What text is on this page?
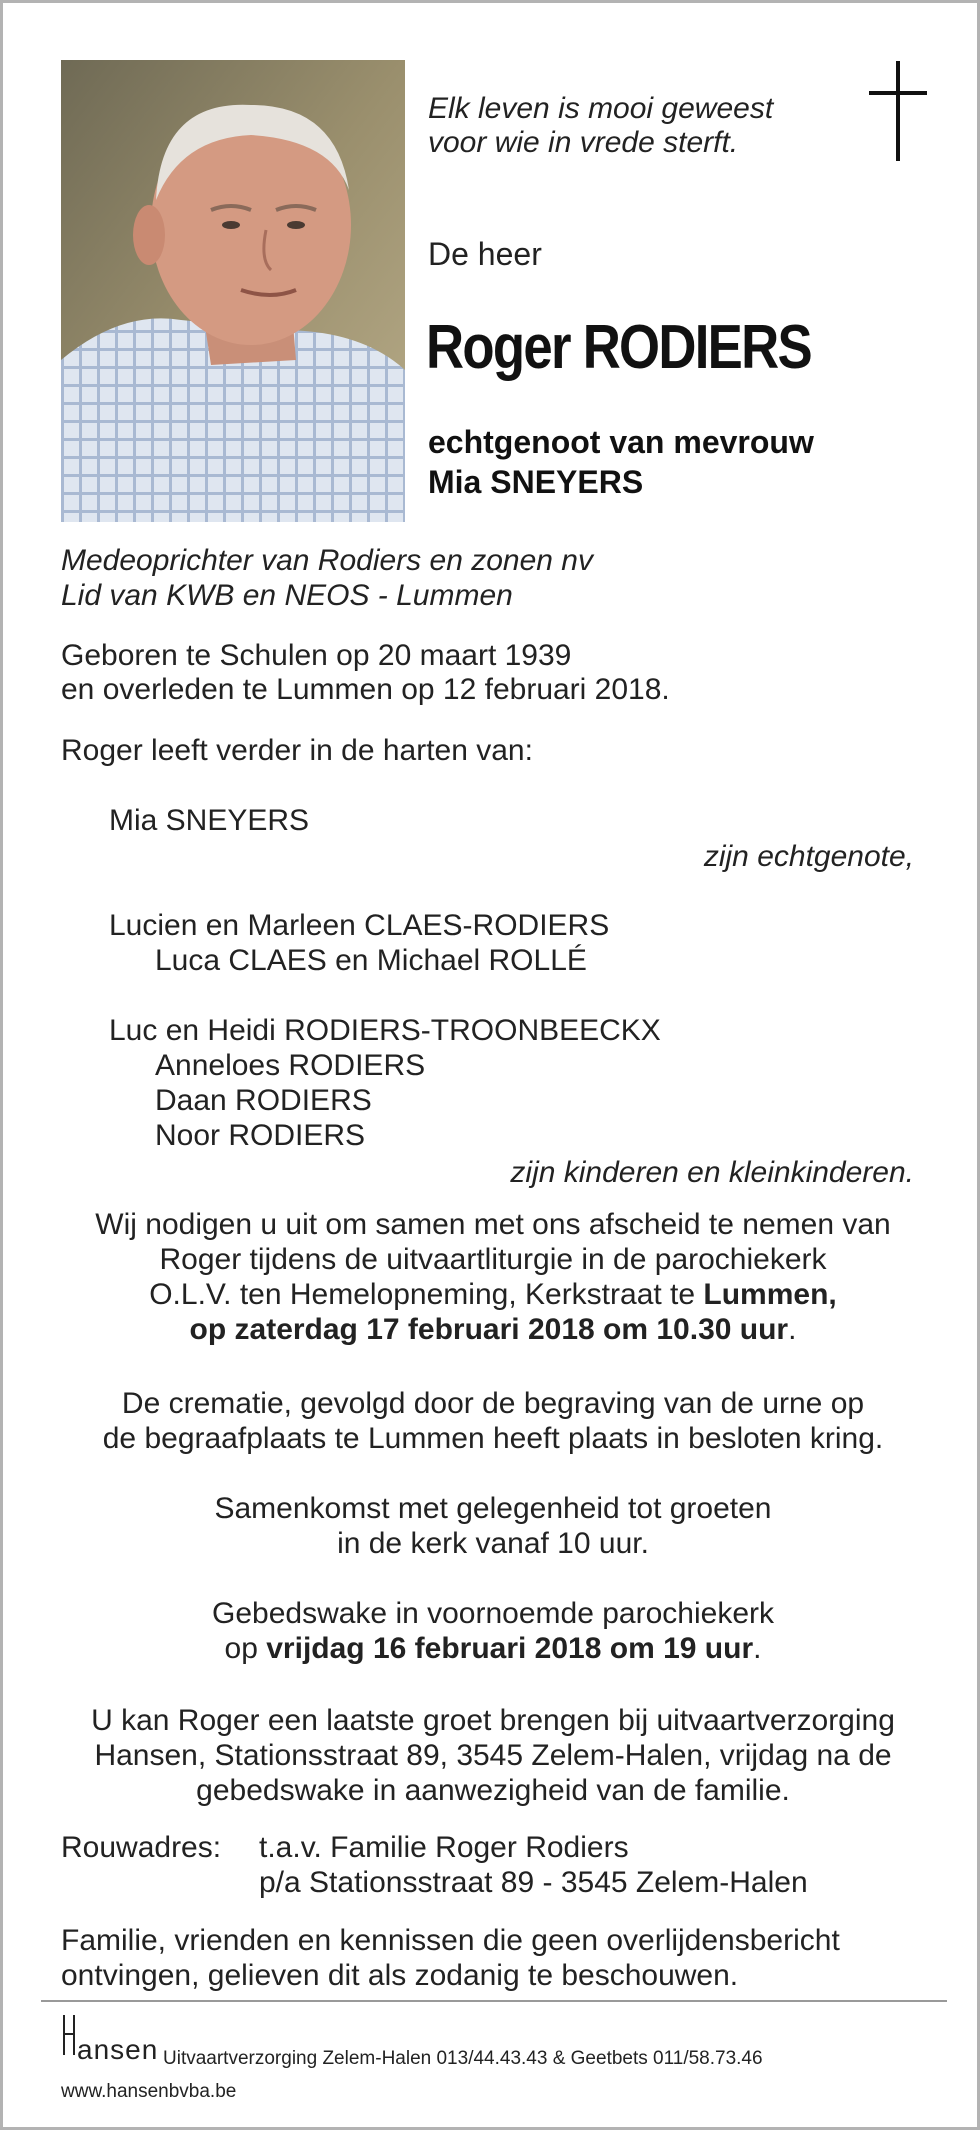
Elk leven is mooi geweest
voor wie in vrede sterft.
De heer
Roger RODIERS
echtgenoot van mevrouw
Mia SNEYERS
Medeoprichter van Rodiers en zonen nv
Lid van KWB en NEOS - Lummen
Geboren te Schulen op 20 maart 1939
en overleden te Lummen op 12 februari 2018.
Roger leeft verder in de harten van:
Mia SNEYERS
zijn echtgenote,
Lucien en Marleen CLAES-RODIERS
Luca CLAES en Michael ROLLÉ
Luc en Heidi RODIERS-TROONBEECKX
Anneloes RODIERS
Daan RODIERS
Noor RODIERS
zijn kinderen en kleinkinderen.
Wij nodigen u uit om samen met ons afscheid te nemen van
Roger tijdens de uitvaartliturgie in de parochiekerk
O.L.V. ten Hemelopneming, Kerkstraat te Lummen,
op zaterdag 17 februari 2018 om 10.30 uur.
De crematie, gevolgd door de begraving van de urne op
de begraafplaats te Lummen heeft plaats in besloten kring.
Samenkomst met gelegenheid tot groeten
in de kerk vanaf 10 uur.
Gebedswake in voornoemde parochiekerk
op vrijdag 16 februari 2018 om 19 uur.
U kan Roger een laatste groet brengen bij uitvaartverzorging
Hansen, Stationsstraat 89, 3545 Zelem-Halen, vrijdag na de
gebedswake in aanwezigheid van de familie.
Rouwadres: t.a.v. Familie Roger Rodiers
p/a Stationsstraat 89 - 3545 Zelem-Halen
Familie, vrienden en kennissen die geen overlijdensbericht
ontvingen, gelieven dit als zodanig te beschouwen.
ansen Uitvaartverzorging Zelem-Halen 013/44.43.43 & Geetbets 011/58.73.46
www.hansenbvba.be
